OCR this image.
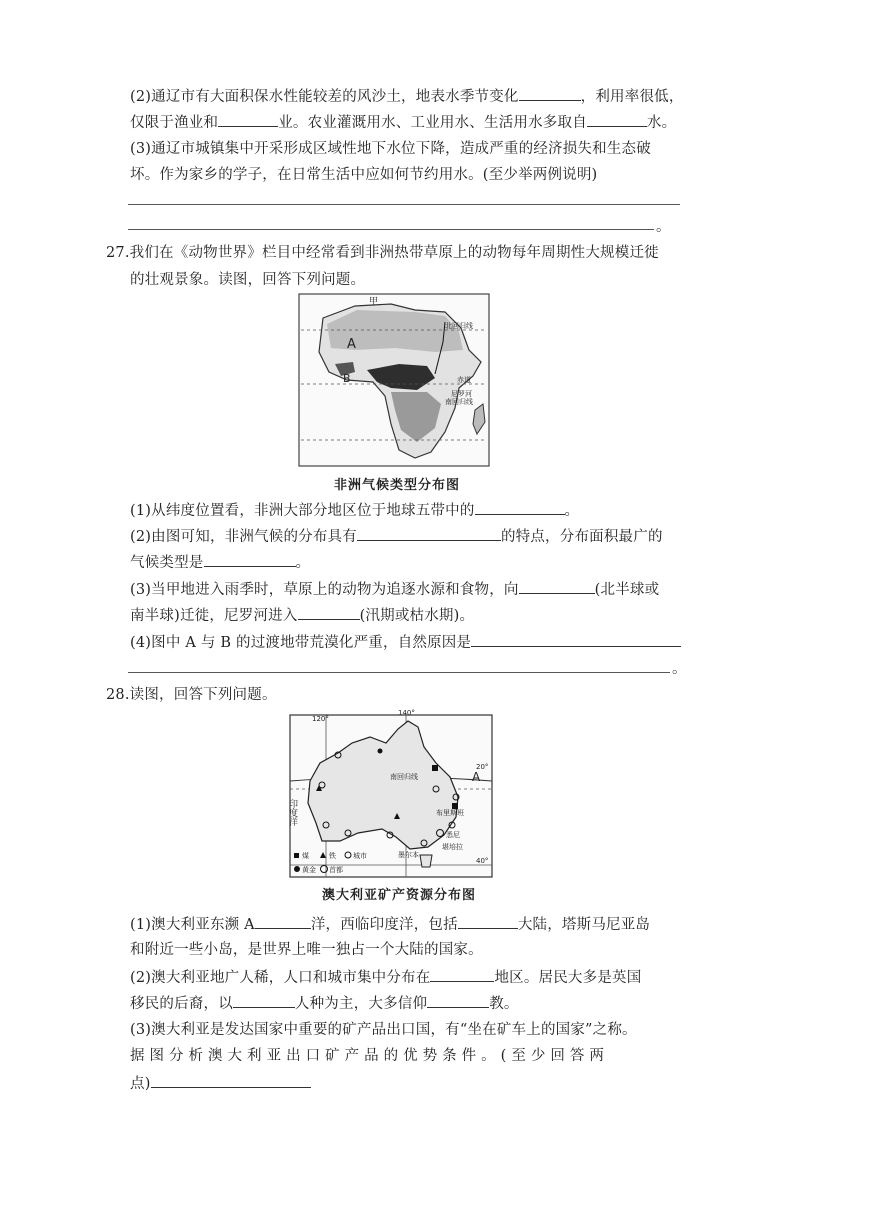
(2)通辽市有大面积保水性能较差的风沙土，地表水季节变化	，利用率很低，
仅限于渔业和	业。农业灌溉用水、工业用水、生活用水多取自	水。
(3)通辽市城镇集中开采形成区域性地下水位下降，造成严重的经济损失和生态破
坏。作为家乡的学子，在日常生活中应如何节约用水。(至少举两例说明)
。
27.我们在《动物世界》栏目中经常看到非洲热带草原上的动物每年周期性大规模迁徙
的壮观景象。读图，回答下列问题。
甲
A
B
北回归线
赤道
尼罗河
南回归线
非洲气候类型分布图
(1)从纬度位置看，非洲大部分地区位于地球五带中的	。
(2)由图可知，非洲气候的分布具有	的特点，分布面积最广的
气候类型是	。
(3)当甲地进入雨季时，草原上的动物为追逐水源和食物，向	(北半球或
南半球)迁徙，尼罗河进入	(汛期或枯水期)。
(4)图中 A 与 B 的过渡地带荒漠化严重，自然原因是
。
28.读图，回答下列问题。
120°
140°
20°
40°
A
南回归线
印度洋	布里斯班
悉尼
堪培拉
墨尔本
煤	铁 城市
黄金 首都
澳大利亚矿产资源分布图
(1)澳大利亚东濒 A	洋，西临印度洋，包括	大陆，塔斯马尼亚岛
和附近一些小岛，是世界上唯一独占一个大陆的国家。
(2)澳大利亚地广人稀，人口和城市集中分布在	地区。居民大多是英国
移民的后裔，以	人种为主，大多信仰	教。
(3)澳大利亚是发达国家中重要的矿产品出口国，有“坐在矿车上的国家”之称。
据 图 分 析 澳 大 利 亚 出 口 矿 产 品 的 优 势 条 件 。 ( 至 少 回 答 两
点)
